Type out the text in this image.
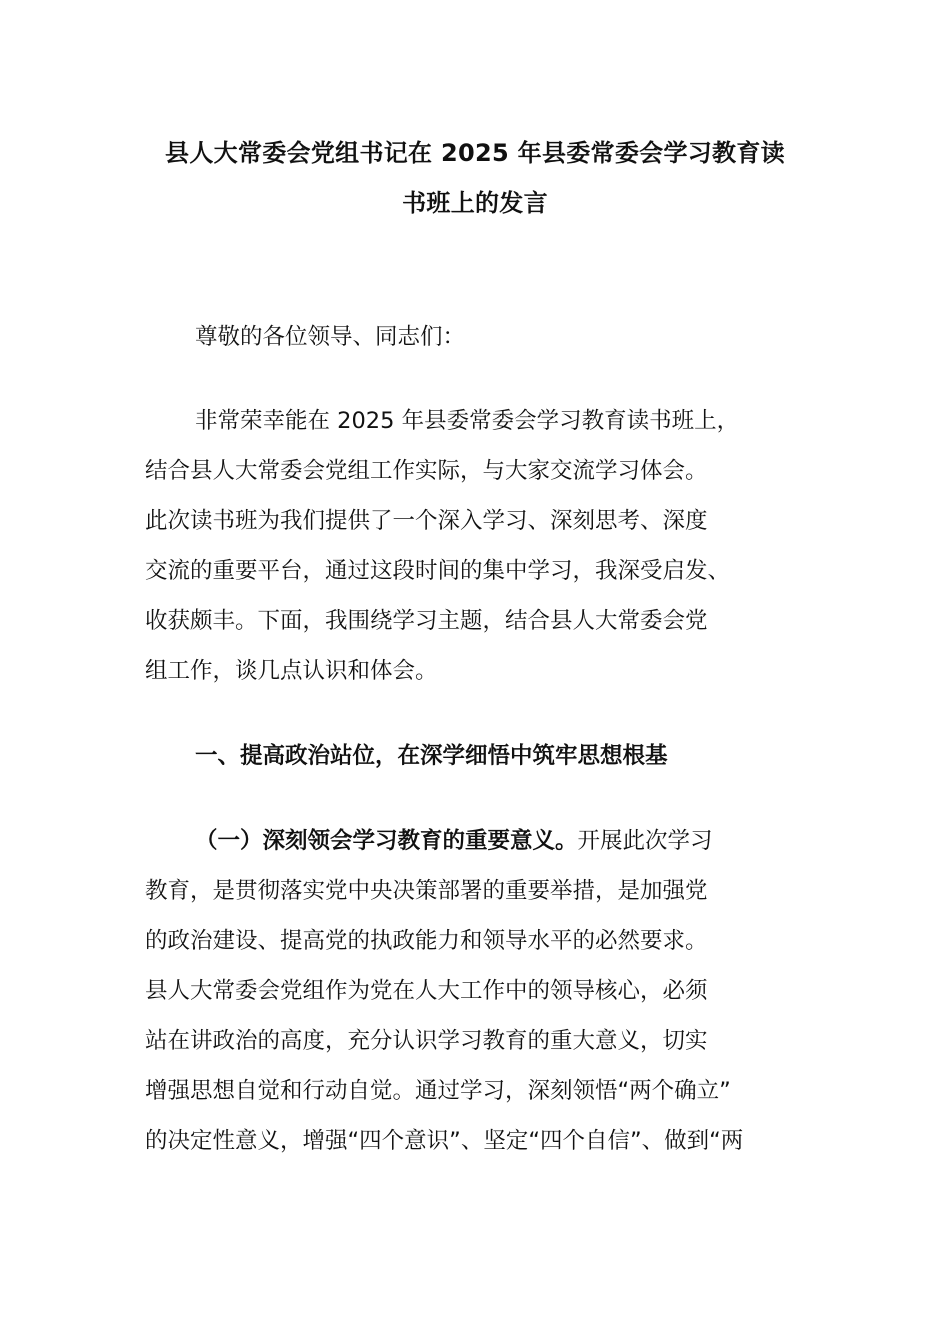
县人大常委会党组书记在 2025 年县委常委会学习教育读
书班上的发言
尊敬的各位领导、同志们：
非常荣幸能在 2025 年县委常委会学习教育读书班上，
结合县人大常委会党组工作实际，与大家交流学习体会。
此次读书班为我们提供了一个深入学习、深刻思考、深度
交流的重要平台，通过这段时间的集中学习，我深受启发、
收获颇丰。下面，我围绕学习主题，结合县人大常委会党
组工作，谈几点认识和体会。
一、提高政治站位，在深学细悟中筑牢思想根基
（一）深刻领会学习教育的重要意义。开展此次学习
教育，是贯彻落实党中央决策部署的重要举措，是加强党
的政治建设、提高党的执政能力和领导水平的必然要求。
县人大常委会党组作为党在人大工作中的领导核心，必须
站在讲政治的高度，充分认识学习教育的重大意义，切实
增强思想自觉和行动自觉。通过学习，深刻领悟“两个确立”
的决定性意义，增强“四个意识”、坚定“四个自信”、做到“两
